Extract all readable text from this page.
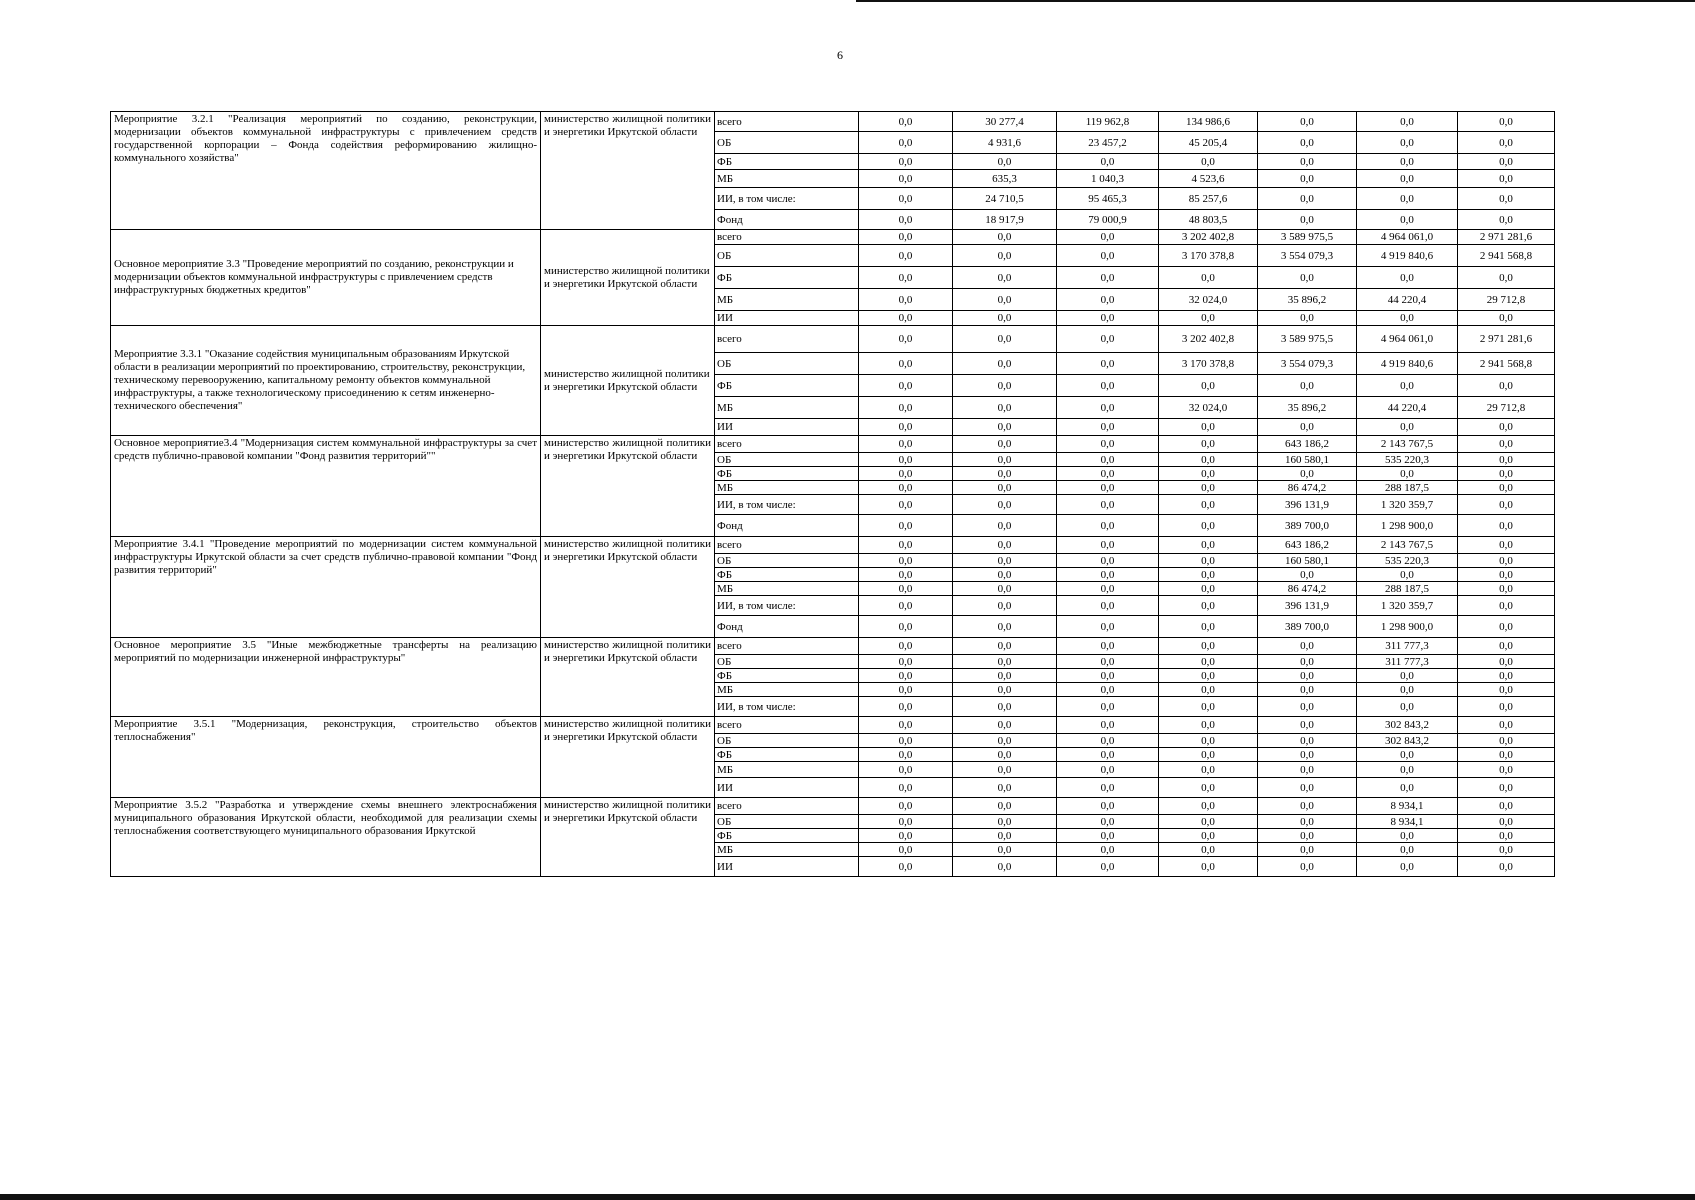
6
Мероприятие 3.2.1 "Реализация мероприятий по созданию, реконструкции, модернизации объектов коммунальной инфраструктуры с привлечением средств государственной корпорации – Фонда содействия реформированию жилищно-коммунального хозяйства"	министерство жилищной политики и энергетики Иркутской области	всего	0,0	30 277,4	119 962,8	134 986,6	0,0	0,0	0,0
		ОБ	0,0	4 931,6	23 457,2	45 205,4	0,0	0,0	0,0
		ФБ	0,0	0,0	0,0	0,0	0,0	0,0	0,0
		МБ	0,0	635,3	1 040,3	4 523,6	0,0	0,0	0,0
		ИИ, в том числе:	0,0	24 710,5	95 465,3	85 257,6	0,0	0,0	0,0
		Фонд	0,0	18 917,9	79 000,9	48 803,5	0,0	0,0	0,0
Основное мероприятие 3.3 "Проведение мероприятий по созданию, реконструкции и модернизации объектов коммунальной инфраструктуры с привлечением средств инфраструктурных бюджетных кредитов"	министерство жилищной политики и энергетики Иркутской области	всего	0,0	0,0	0,0	3 202 402,8	3 589 975,5	4 964 061,0	2 971 281,6
		ОБ	0,0	0,0	0,0	3 170 378,8	3 554 079,3	4 919 840,6	2 941 568,8
		ФБ	0,0	0,0	0,0	0,0	0,0	0,0	0,0
		МБ	0,0	0,0	0,0	32 024,0	35 896,2	44 220,4	29 712,8
		ИИ	0,0	0,0	0,0	0,0	0,0	0,0	0,0
Мероприятие 3.3.1 "Оказание содействия муниципальным образованиям Иркутской области в реализации мероприятий по проектированию, строительству, реконструкции, техническому перевооружению, капитальному ремонту объектов коммунальной инфраструктуры, а также технологическому присоединению к сетям инженерно-технического обеспечения"	министерство жилищной политики и энергетики Иркутской области	всего	0,0	0,0	0,0	3 202 402,8	3 589 975,5	4 964 061,0	2 971 281,6
		ОБ	0,0	0,0	0,0	3 170 378,8	3 554 079,3	4 919 840,6	2 941 568,8
		ФБ	0,0	0,0	0,0	0,0	0,0	0,0	0,0
		МБ	0,0	0,0	0,0	32 024,0	35 896,2	44 220,4	29 712,8
		ИИ	0,0	0,0	0,0	0,0	0,0	0,0	0,0
Основное мероприятие3.4 "Модернизация систем коммунальной инфраструктуры за счет средств публично-правовой компании "Фонд развития территорий""	министерство жилищной политики и энергетики Иркутской области	всего	0,0	0,0	0,0	0,0	643 186,2	2 143 767,5	0,0
		ОБ	0,0	0,0	0,0	0,0	160 580,1	535 220,3	0,0
		ФБ	0,0	0,0	0,0	0,0	0,0	0,0	0,0
		МБ	0,0	0,0	0,0	0,0	86 474,2	288 187,5	0,0
		ИИ, в том числе:	0,0	0,0	0,0	0,0	396 131,9	1 320 359,7	0,0
		Фонд	0,0	0,0	0,0	0,0	389 700,0	1 298 900,0	0,0
Мероприятие 3.4.1 "Проведение мероприятий по модернизации систем коммунальной инфраструктуры Иркутской области за счет средств публично-правовой компании "Фонд развития территорий"	министерство жилищной политики и энергетики Иркутской области	всего	0,0	0,0	0,0	0,0	643 186,2	2 143 767,5	0,0
		ОБ	0,0	0,0	0,0	0,0	160 580,1	535 220,3	0,0
		ФБ	0,0	0,0	0,0	0,0	0,0	0,0	0,0
		МБ	0,0	0,0	0,0	0,0	86 474,2	288 187,5	0,0
		ИИ, в том числе:	0,0	0,0	0,0	0,0	396 131,9	1 320 359,7	0,0
		Фонд	0,0	0,0	0,0	0,0	389 700,0	1 298 900,0	0,0
Основное мероприятие 3.5 "Иные межбюджетные трансферты на реализацию мероприятий по модернизации инженерной инфраструктуры"	министерство жилищной политики и энергетики Иркутской области	всего	0,0	0,0	0,0	0,0	0,0	311 777,3	0,0
		ОБ	0,0	0,0	0,0	0,0	0,0	311 777,3	0,0
		ФБ	0,0	0,0	0,0	0,0	0,0	0,0	0,0
		МБ	0,0	0,0	0,0	0,0	0,0	0,0	0,0
		ИИ, в том числе:	0,0	0,0	0,0	0,0	0,0	0,0	0,0
Мероприятие 3.5.1 "Модернизация, реконструкция, строительство объектов теплоснабжения"	министерство жилищной политики и энергетики Иркутской области	всего	0,0	0,0	0,0	0,0	0,0	302 843,2	0,0
		ОБ	0,0	0,0	0,0	0,0	0,0	302 843,2	0,0
		ФБ	0,0	0,0	0,0	0,0	0,0	0,0	0,0
		МБ	0,0	0,0	0,0	0,0	0,0	0,0	0,0
		ИИ	0,0	0,0	0,0	0,0	0,0	0,0	0,0
Мероприятие 3.5.2 "Разработка и утверждение схемы внешнего электроснабжения муниципального образования Иркутской области, необходимой для реализации схемы теплоснабжения соответствующего муниципального образования Иркутской	министерство жилищной политики и энергетики Иркутской области	всего	0,0	0,0	0,0	0,0	0,0	8 934,1	0,0
		ОБ	0,0	0,0	0,0	0,0	0,0	8 934,1	0,0
		ФБ	0,0	0,0	0,0	0,0	0,0	0,0	0,0
		МБ	0,0	0,0	0,0	0,0	0,0	0,0	0,0
		ИИ	0,0	0,0	0,0	0,0	0,0	0,0	0,0
